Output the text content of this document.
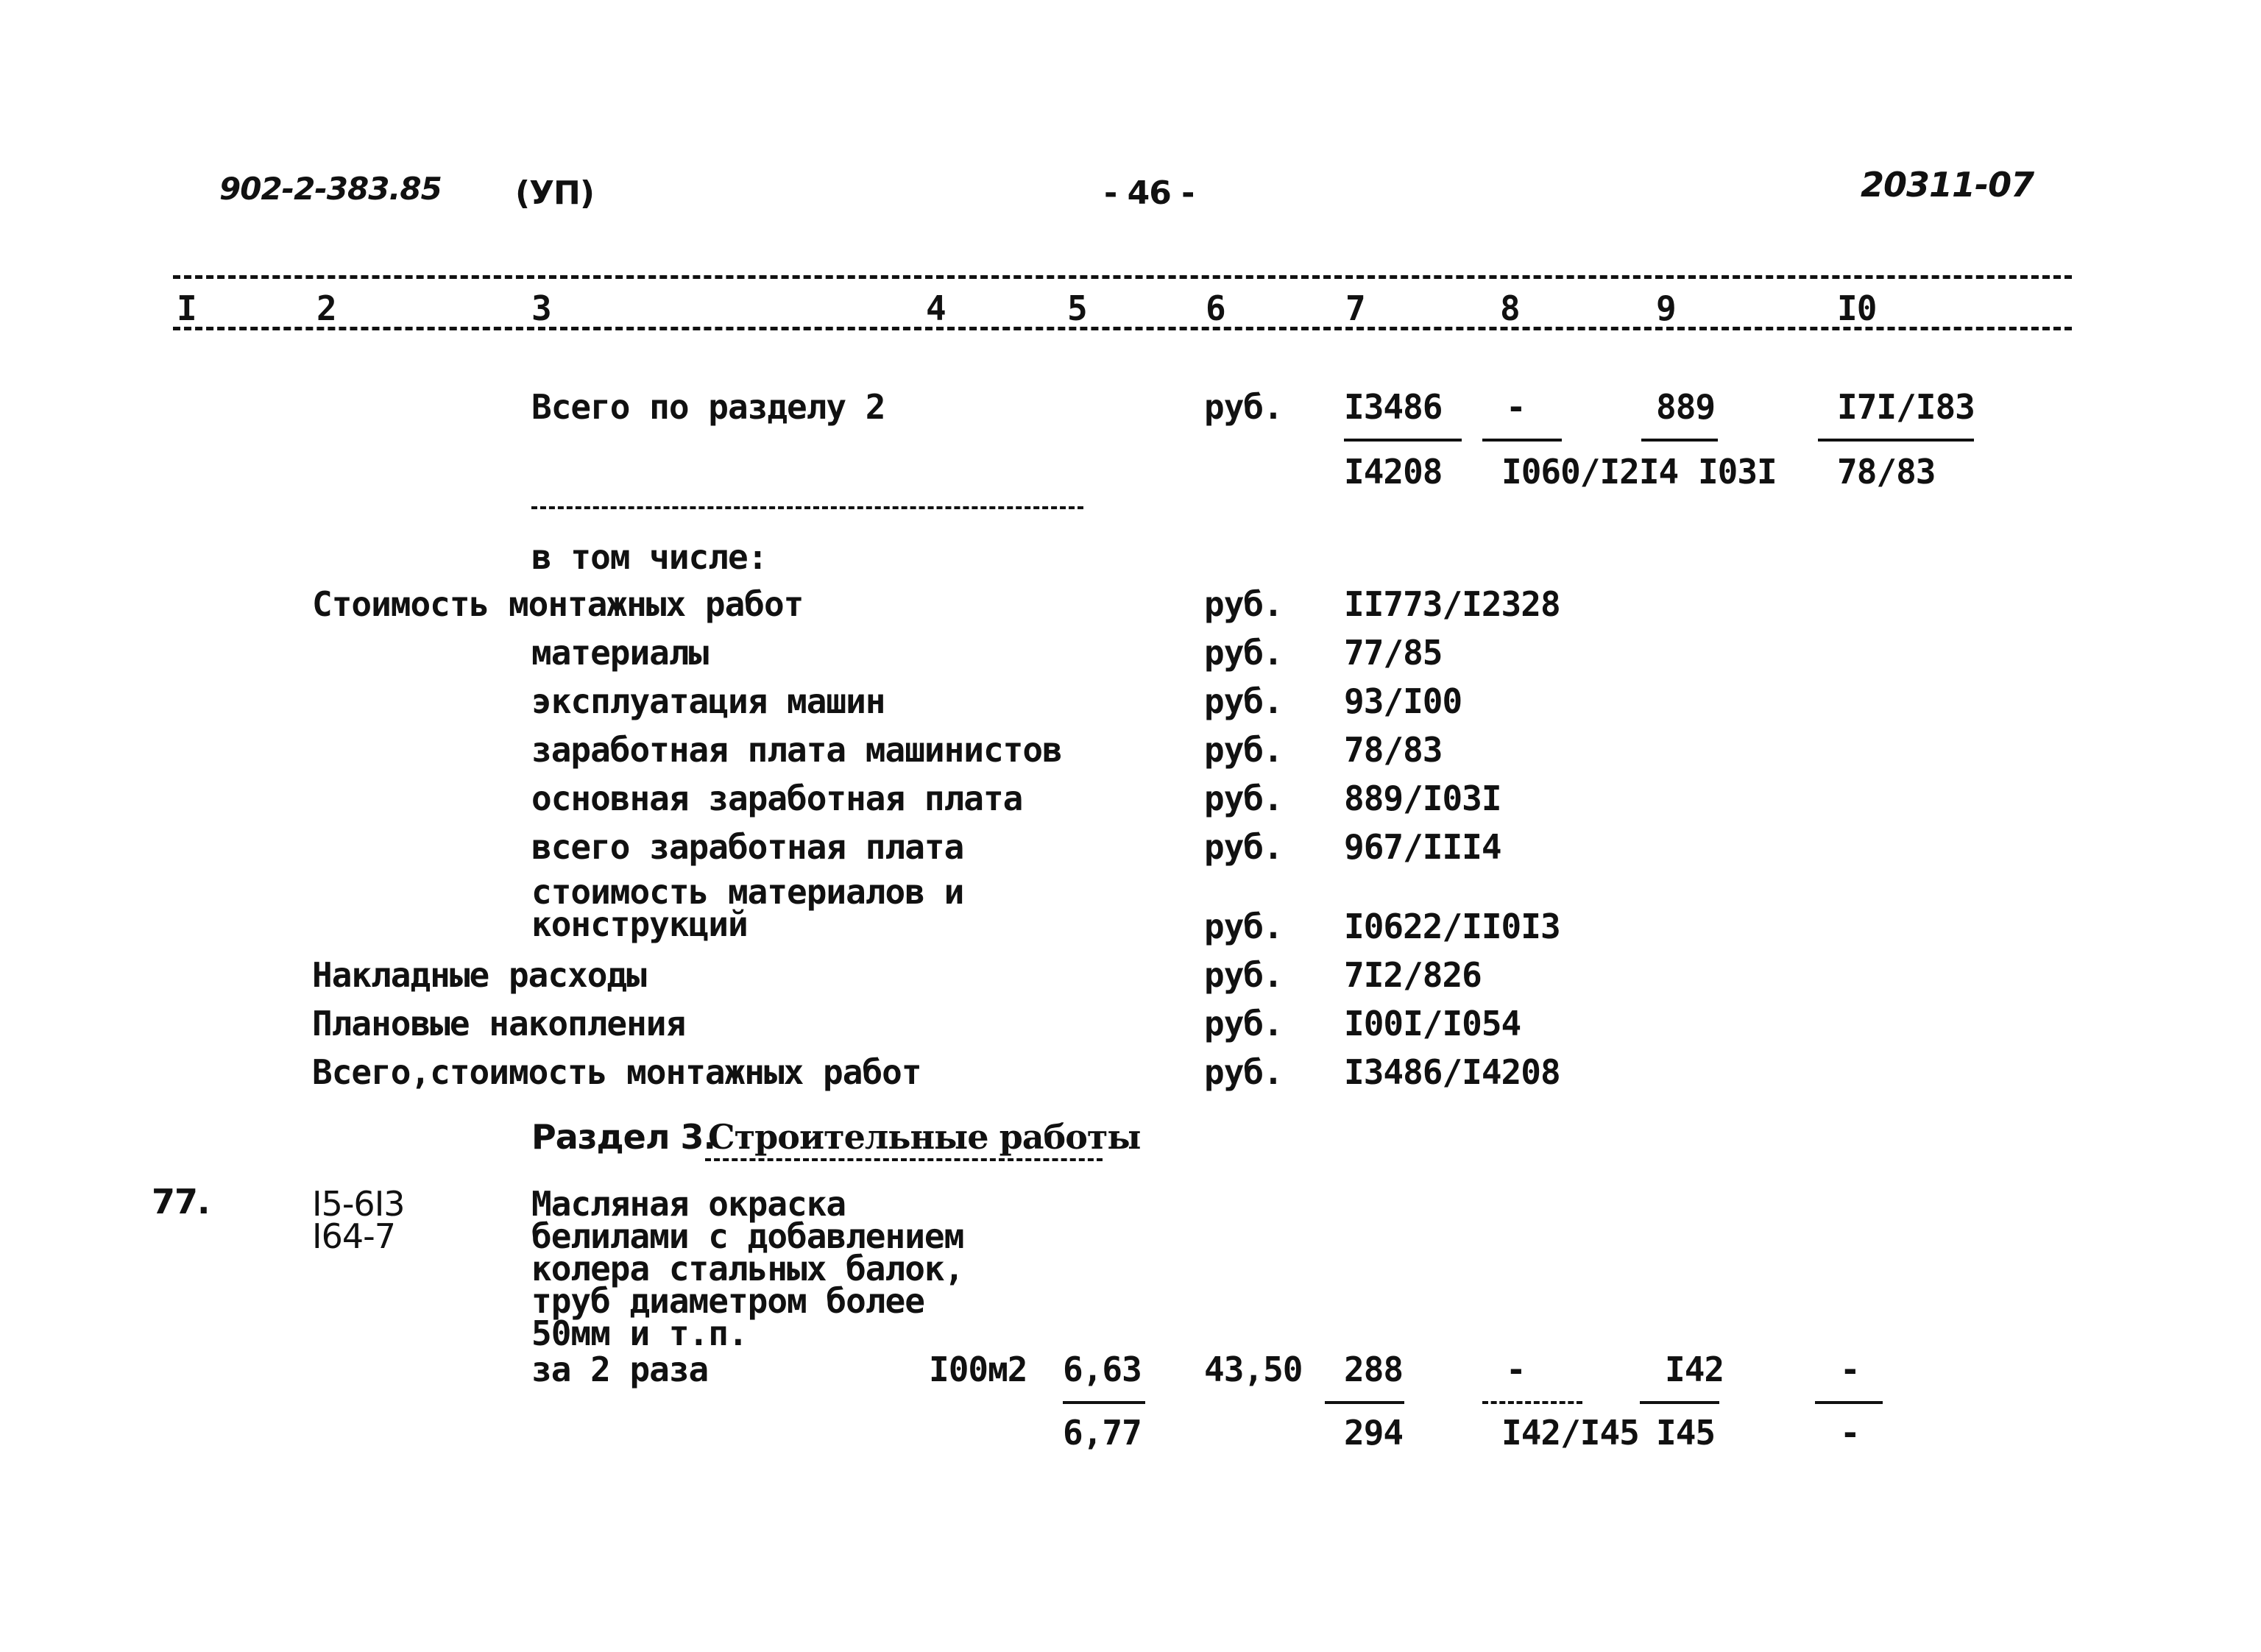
902-2-383.85 (УП)	- 46 -	20311-07
I	2	3	4	5	6	7	8	9	I0
Всего по разделу 2	руб. I3486 -	889	I7I/I83
I4208 I060/I2I4 I03I 78/83
в том числе:
Стоимость монтажных работ	руб. II773/I2328
материалы	руб. 77/85
эксплуатация машин	руб. 93/I00
заработная плата машинистов	руб. 78/83
основная заработная плата	руб. 889/I03I
всего заработная плата	руб. 967/III4
стоимость материалов и
конструкций	руб. I0622/II0I3
Накладные расходы	руб. 7I2/826
Плановые накопления	руб. I00I/I054
Всего,стоимость монтажных работ	руб. I3486/I4208
Раздел 3.
Строительные работы
77.	I5-6I3
I64-7
Масляная окраска
белилами с добавлением
колера стальных балок,
труб диаметром более
50мм и т.п.
за 2 раза	I00м2 6,63 43,50 288	-	I42	-
6,77	294	I42/I45 I45	-
